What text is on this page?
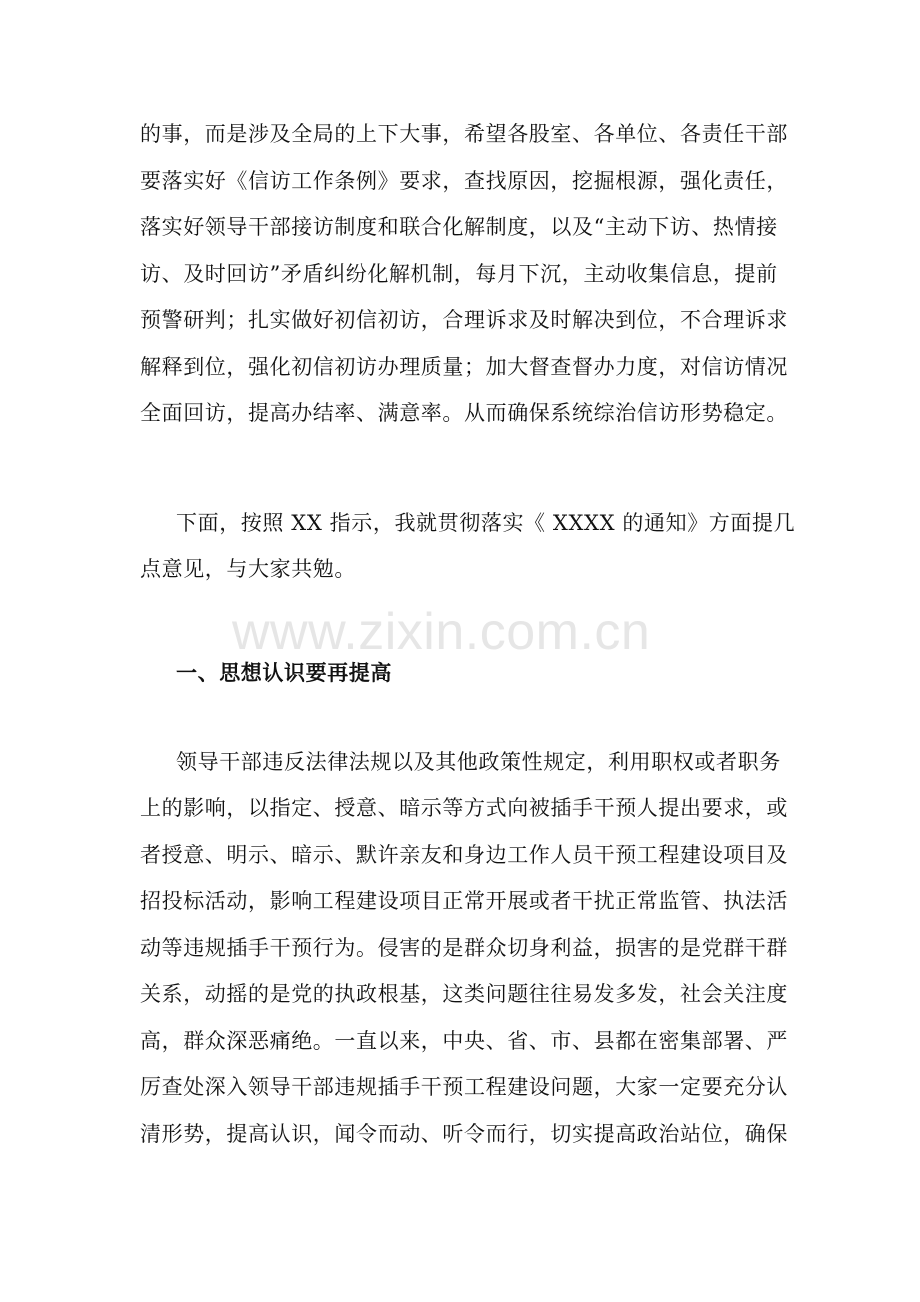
www.zixin.com.cn
的事，而是涉及全局的上下大事，希望各股室、各单位、各责任干部
要落实好《信访工作条例》要求，查找原因，挖掘根源，强化责任，
落实好领导干部接访制度和联合化解制度，以及“主动下访、热情接
访、及时回访”矛盾纠纷化解机制，每月下沉，主动收集信息，提前
预警研判；扎实做好初信初访，合理诉求及时解决到位，不合理诉求
解释到位，强化初信初访办理质量；加大督查督办力度，对信访情况
全面回访，提高办结率、满意率。从而确保系统综治信访形势稳定。
下面，按照 XX 指示，我就贯彻落实《 XXXX 的通知》方面提几
点意见，与大家共勉。
一、思想认识要再提高
领导干部违反法律法规以及其他政策性规定，利用职权或者职务
上的影响，以指定、授意、暗示等方式向被插手干预人提出要求，或
者授意、明示、暗示、默许亲友和身边工作人员干预工程建设项目及
招投标活动，影响工程建设项目正常开展或者干扰正常监管、执法活
动等违规插手干预行为。侵害的是群众切身利益，损害的是党群干群
关系，动摇的是党的执政根基，这类问题往往易发多发，社会关注度
高，群众深恶痛绝。一直以来，中央、省、市、县都在密集部署、严
厉查处深入领导干部违规插手干预工程建设问题，大家一定要充分认
清形势，提高认识，闻令而动、听令而行，切实提高政治站位，确保
